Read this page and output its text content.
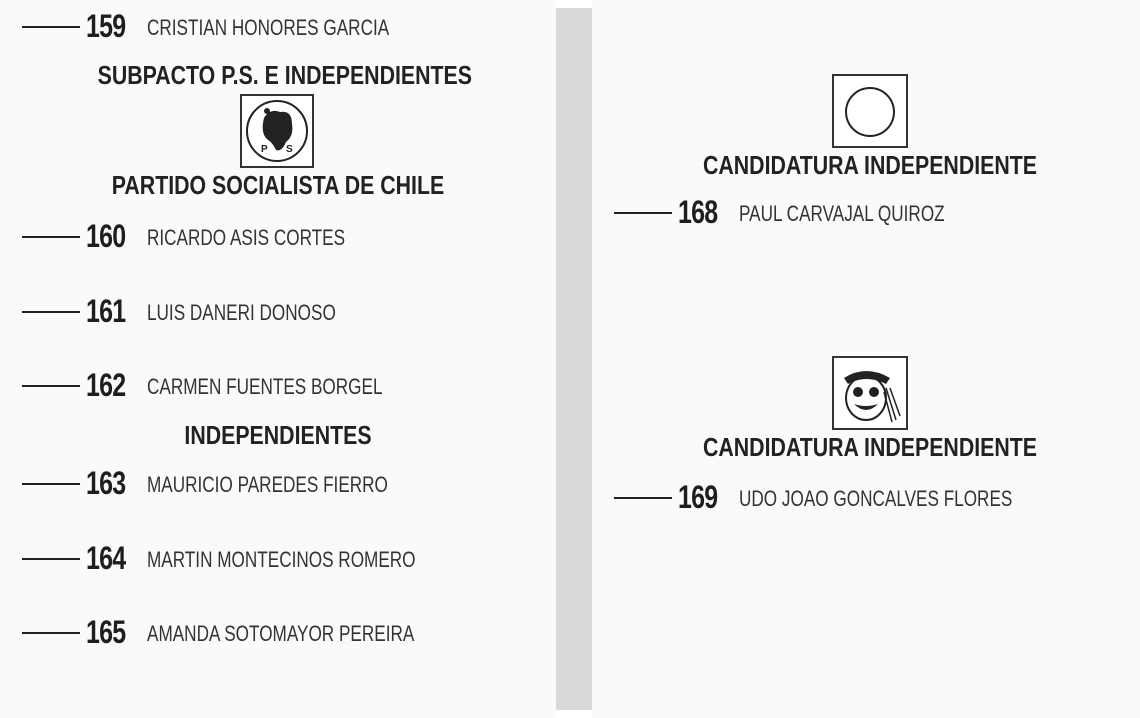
159 CRISTIAN HONORES GARCIA
SUBPACTO P.S. E INDEPENDIENTES
P S
PARTIDO SOCIALISTA DE CHILE
160 RICARDO ASIS CORTES
161 LUIS DANERI DONOSO
162 CARMEN FUENTES BORGEL
INDEPENDIENTES
163 MAURICIO PAREDES FIERRO
164 MARTIN MONTECINOS ROMERO
165 AMANDA SOTOMAYOR PEREIRA
CANDIDATURA INDEPENDIENTE
168 PAUL CARVAJAL QUIROZ
CANDIDATURA INDEPENDIENTE
169 UDO JOAO GONCALVES FLORES
